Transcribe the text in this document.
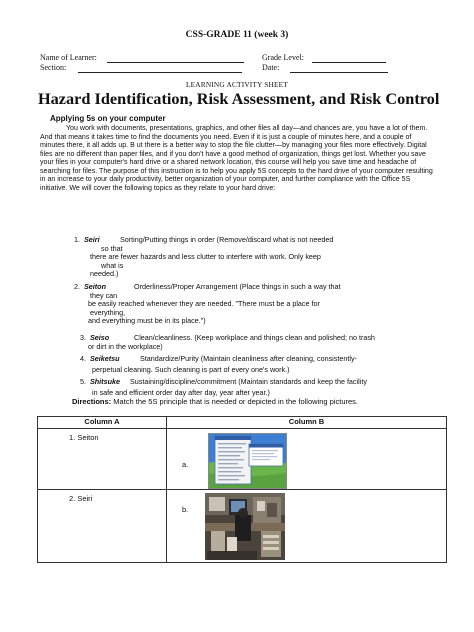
CSS-GRADE 11 (week 3)
Name of Learner:	Grade Level:
Section:	Date:
LEARNING ACTIVITY SHEET
Hazard Identification, Risk Assessment, and Risk Control
Applying 5s on your computer
You work with documents, presentations, graphics, and other files all day—and chances are, you have a lot of them. And that means it takes time to find the documents you need. Even if it is just a couple of minutes here, and a couple of minutes there, it all adds up. B ut there is a better way to stop the file clutter—by managing your files more effectively. Digital files are no different than paper files, and if you don't have a good method of organization, things get lost. Whether you save your files in your computer's hard drive or a shared network location, this course will help you save time and headache of searching for files. The purpose of this instruction is to help you apply 5S concepts to the hard drive of your computer resulting in an increase to your daily productivity, better organization of your computer, and further compliance with the Office 5S initiative. We will cover the following topics as they relate to your hard drive:
1. Seiri	Sorting/Putting things in order (Remove/discard what is not needed
so that
there are fewer hazards and less clutter to interfere with work. Only keep
what is
needed.)
2. Seiton	Orderliness/Proper Arrangement (Place things in such a way that
they can
be easily reached whenever they are needed. "There must be a place for
everything,
and everything must be in its place.")
3. Seiso	Clean/cleanliness. (Keep workplace and things clean and polished; no trash
or dirt in the workplace)
4. Seiketsu	Standardize/Purity (Maintain cleanliness after cleaning, consistently-
perpetual cleaning. Such cleaning is part of every one's work.)
5. Shitsuke Sustaining/discipline/commitment (Maintain standards and keep the facility
in safe and efficient order day after day, year after year.)
Directions: Match the 5S principle that is needed or depicted in the following pictures.
Column A	Column B

1. Seiton	a.

2. Seiri	b.
